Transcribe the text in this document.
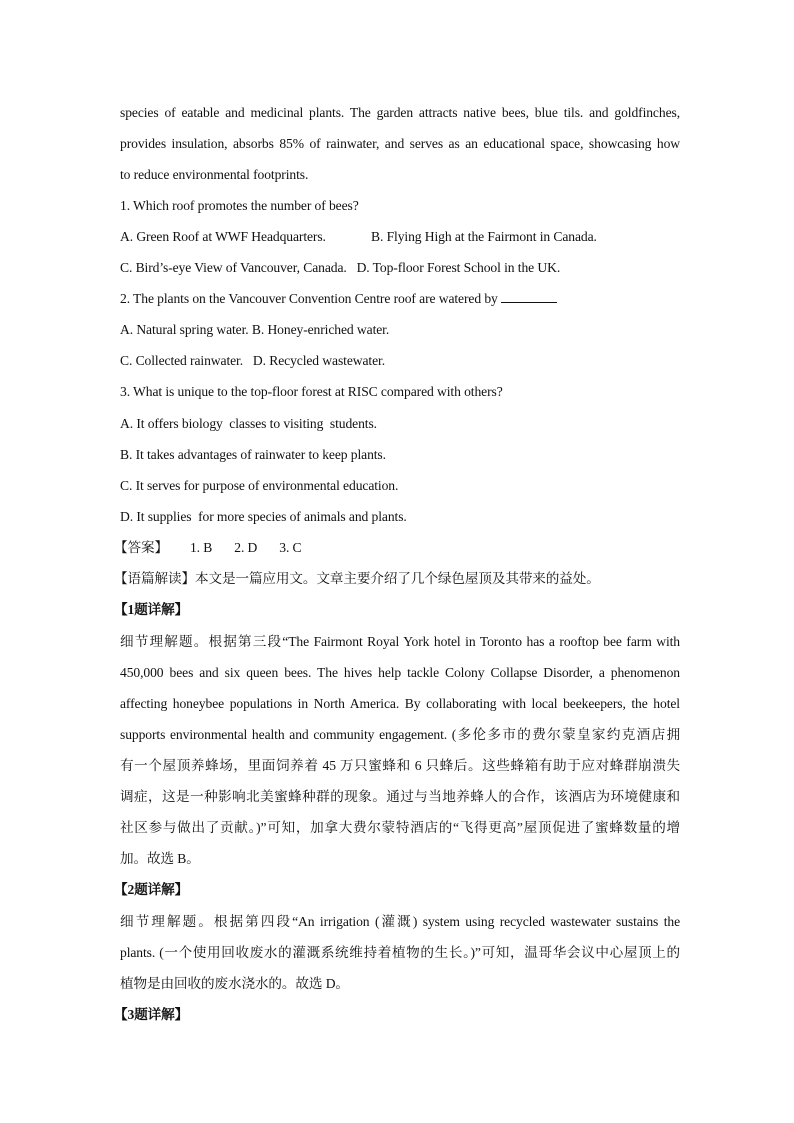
species of eatable and medicinal plants. The garden attracts native bees, blue tils. and goldfinches,
provides insulation, absorbs 85% of rainwater, and serves as an educational space, showcasing how
to reduce environmental footprints.
1. Which roof promotes the number of bees?
A. Green Roof at WWF Headquarters.	B. Flying High at the Fairmont in Canada.
C. Bird’s-eye View of Vancouver, Canada. D. Top-floor Forest School in the UK.
2. The plants on the Vancouver Convention Centre roof are watered by
A. Natural spring water. B. Honey-enriched water.
C. Collected rainwater.   D. Recycled wastewater.
3. What is unique to the top-floor forest at RISC compared with others?
A. It offers biology  classes to visiting  students.
B. It takes advantages of rainwater to keep plants.
C. It serves for purpose of environmental education.
D. It supplies  for more species of animals and plants.
【答案】 1. B 2. D 3. C
【语篇解读】本文是一篇应用文。文章主要介绍了几个绿色屋顶及其带来的益处。
【1题详解】
细节理解题。根据第三段“The Fairmont Royal York hotel in Toronto has a rooftop bee farm with
450,000 bees and six queen bees. The hives help tackle Colony Collapse Disorder, a phenomenon
affecting honeybee populations in North America. By collaborating with local beekeepers, the hotel
supports environmental health and community engagement. (多伦多市的费尔蒙皇家约克酒店拥
有一个屋顶养蜂场，里面饲养着 45 万只蜜蜂和 6 只蜂后。这些蜂箱有助于应对蜂群崩溃失
调症，这是一种影响北美蜜蜂种群的现象。通过与当地养蜂人的合作，该酒店为环境健康和
社区参与做出了贡献。)”可知，加拿大费尔蒙特酒店的“飞得更高”屋顶促进了蜜蜂数量的增
加。故选 B。
【2题详解】
细节理解题。根据第四段“An irrigation (灌溉) system using recycled wastewater sustains the
plants. (一个使用回收废水的灌溉系统维持着植物的生长。)”可知，温哥华会议中心屋顶上的
植物是由回收的废水浇水的。故选 D。
【3题详解】
